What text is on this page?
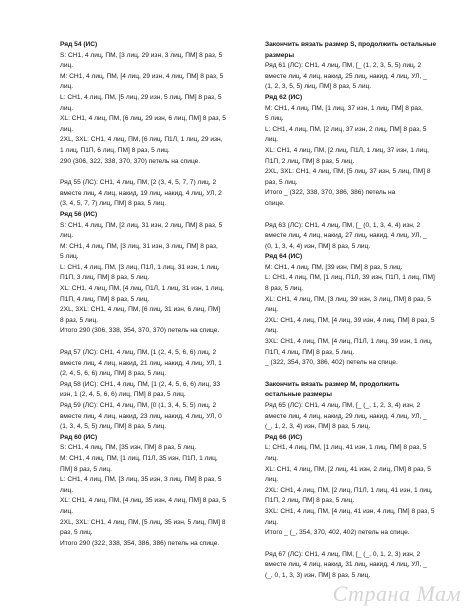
Ряд 54 (ИС)
S: СН1, 4 лиц, ПМ, [3 лиц, 29 изн, 3 лиц, ПМ] 8 раз, 5
лиц.
M: СН1, 4 лиц, ПМ, [4 лиц, 29 изн, 4 лиц, ПМ] 8 раз, 5
лиц.
L: СН1, 4 лиц, ПМ, [5 лиц, 29 изн, 5 лиц, ПМ] 8 раз, 5
лиц.
XL: СН1, 4 лиц, ПМ, [6 лиц, 29 изн, 6 лиц, ПМ] 8 раз, 5
лиц.
2XL, 3XL: СН1, 4 лиц, ПМ, [6 лиц, П1Л, 1 лиц, 29 изн,
1 лиц, П1П, 6 лиц, ПМ] 8 раз, 5 лиц.
290 (306, 322, 338, 370, 370) петель на спице.
Ряд 55 (ЛС): СН1, 4 лиц, ПМ, [2 (3, 4, 5, 7, 7) лиц, 2
вместе лиц, 4 лиц, накид, 19 лиц, накид, 4 лиц, УЛ, 2
(3, 4, 5, 7, 7) лиц, ПМ] 8 раз, 5 лиц.
Ряд 56 (ИС)
S: СН1, 4 лиц, ПМ, [2 лиц, 31 изн, 2 лиц, ПМ] 8 раз, 5
лиц.
M: СН1, 4 лиц, ПМ, [3 лиц, 31 изн, 3 лиц, ПМ] 8 раз,
5 лиц.
L: СН1, 4 лиц, ПМ, [3 лиц, П1Л, 1 лиц, 31 изн, 1 лиц,
П1П, 3 лиц, ПМ] 8 раз, 5 лиц.
XL: СН1, 4 лиц, ПМ, [4 лиц, П1Л, 1 лиц, 31 изн, 1 лиц,
П1П, 4 лиц, ПМ] 8 раз, 5 лиц.
2XL, 3XL: СН1, 4 лиц, ПМ, [6 лиц, 31 изн, 6 лиц, ПМ]
8 раз, 5 лиц.
Итого 290 (306, 338, 354, 370, 370) петель на спице.
Ряд 57 (ЛС): СН1, 4 лиц, ПМ, [1 (2, 4, 5, 6, 6) лиц, 2
вместе лиц, 4 лиц, накид, 21 лиц, накид, 4 лиц, УЛ, 1
(2, 4, 5, 6, 6) лиц, ПМ] 8 раз, 5 лиц.
Ряд 58 (ИС): СН1, 4 лиц, ПМ, [1 (2, 4, 5, 6, 6) лиц, 33
изн, 1 (2, 4, 5, 6, 6) лиц, ПМ] 8 раз, 5 лиц.
Ряд 59 (ЛС): СН1, 4 лиц, ПМ, [0 (1, 3, 4, 5, 5) лиц, 2
вместе лиц, 4 лиц, накид, 23 лиц, накид, 4 лиц, УЛ, 0
(1, 3, 4, 5, 5) лиц, ПМ] 8 раз, 5 лиц.
Ряд 60 (ИС)
S: СН1, 4 лиц, ПМ, [35 изн, ПМ] 8 раз, 5 лиц.
M: СН1, 4 лиц, ПМ, [1 лиц, П1Л, 35 изн, П1П, 1 лиц,
ПМ] 8 раз, 5 лиц.
L: СН1, 4 лиц, ПМ, [3 лиц, 35 изн, 3 лиц, ПМ] 8 раз, 5
лиц.
XL: СН1, 4 лиц, ПМ, [4 лиц, 35 изн, 4 лиц, ПМ] 8 раз, 5
лиц.
2XL, 3XL: СН1, 4 лиц, ПМ, [5 лиц, 35 изн, 5 лиц, ПМ] 8
раз, 5 лиц.
Итого 290 (322, 338, 354, 386, 386) петель на спице.
Закончить вязать размер S, продолжить остальные
размеры
Ряд 61 (ЛС): СН1, 4 лиц, ПМ, [_ (1, 2, 3, 5, 5) лиц, 2
вместе лиц, 4 лиц, накид, 25 лиц, накид, 4 лиц, УЛ, _
(1, 2, 3, 5, 5) лиц, ПМ] 8 раз, 5 лиц.
Ряд 62 (ИС)
M: СН1, 4 лиц, ПМ, [1 лиц, 37 изн, 1 лиц, ПМ] 8 раз,
5 лиц.
L: СН1, 4 лиц, ПМ, [2 лиц, 37 изн, 2 лиц, ПМ] 8 раз, 5
лиц.
XL: СН1, 4 лиц, ПМ, [2 лиц, П1Л, 1 лиц, 37 изн, 1 лиц,
П1П, 2 лиц, ПМ] 8 раз, 5 лиц.
2XL, 3XL: СН1, 4 лиц, ПМ, [5 лиц, 37 изн, 5 лиц, ПМ] 8
раз, 5 лиц.
Итого _ (322, 338, 370, 386, 386) петель на
спице.
Ряд 63 (ЛС): СН1, 4 лиц, ПМ, [_ (0, 1, 3, 4, 4) изн, 2
вместе лиц, 4 лиц, накид, 27 лиц, накид, 4 лиц, УЛ, _
(0, 1, 3, 4, 4) изн, ПМ] 8 раз, 5 лиц.
Ряд 64 (ИС)
M: СН1, 4 лиц, ПМ, [39 изн, ПМ] 8 раз, 5 лиц.
L: СН1, 4 лиц, ПМ, [1 лиц, П1Л, 39 изн, П1П, 1 лиц, ПМ]
8 раз, 5 лиц.
XL: СН1, 4 лиц, ПМ, [3 лиц, 39 изн, 3 лиц, ПМ] 8 раз, 5
лиц.
2XL: СН1, 4 лиц, ПМ, [4 лиц, 39 изн, 4 лиц, ПМ] 8 раз, 5
лиц.
3XL: СН1, 4 лиц, ПМ, [4 лиц, П1Л, 1 лиц, 39 изн, 1 лиц,
П1П, 4 лиц, ПМ] 8 раз, 5 лиц.
_ (322, 354, 370, 386, 402) петель на спице.
Закончить вязать размер M, продолжить
остальные размеры
Ряд 65 (ЛС): СН1, 4 лиц, ПМ, [_ (_, 1, 2, 3, 4) изн, 2
вместе лиц, 4 лиц, накид, 29 лиц, накид, 4 лиц, УЛ, _
(_, 1, 2, 3, 4) изн, ПМ] 8 раз, 5 лиц.
Ряд 66 (ИС)
L: СН1, 4 лиц, ПМ, [1 лиц, 41 изн, 1 лиц, ПМ] 8 раз, 5
лиц.
XL: СН1, 4 лиц, ПМ, [2 лиц, 41 изн, 2 лиц, ПМ] 8 раз, 5
лиц.
2XL: СН1, 4 лиц, ПМ, [2 лиц, П1Л, 1 лиц, 41 изн, 1 лиц,
П1П, 2 лиц, ПМ] 8 раз, 5 лиц.
3XL: СН1, 4 лиц, ПМ, [4 лиц, 41 изн, 4 лиц, ПМ] 8 раз, 5
лиц.
Итого _ (_, 354, 370, 402, 402) петель на спице.
Ряд 67 (ЛС): СН1, 4 лиц, ПМ, [_ (_, 0, 1, 2, 3) изн, 2
вместе лиц, 4 лиц, накид, 31 лиц, накид, 4 лиц, УЛ, _
(_, 0, 1, 3, 3) изн, ПМ] 8 раз, 5 лиц.
Страна Мам
